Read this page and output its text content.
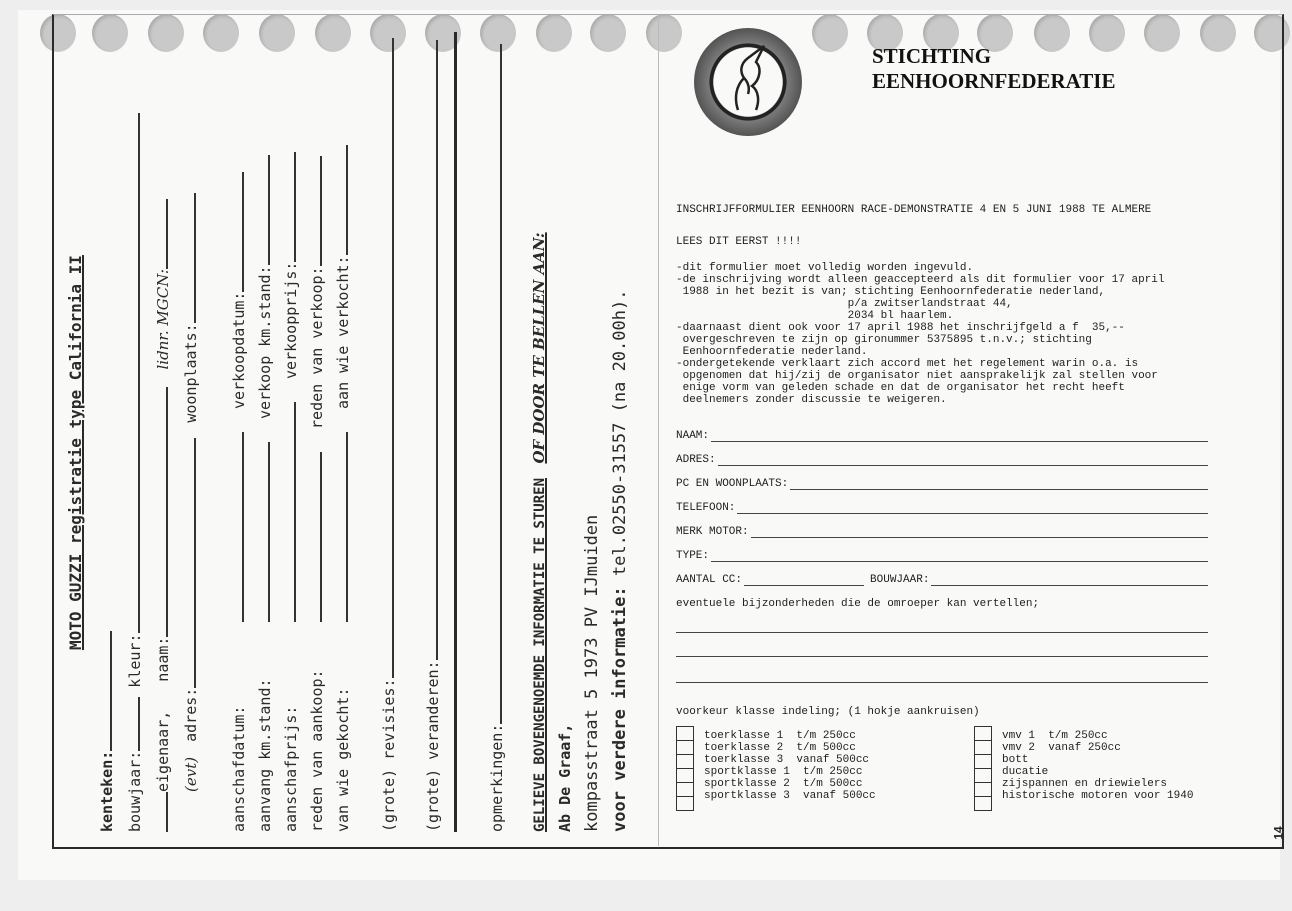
MOTO GUZZI registratie type California II
kenteken: bouwjaar: kleur:
eigenaar, naam: lidnr. MGCN:
(evt) adres: woonplaats:
aanschafdatum: verkoopdatum:
aanvang km.stand: verkoop km.stand:
aanschafprijs: verkoopprijs:
reden van aankoop: reden van verkoop:
van wie gekocht: aan wie verkocht:
(grote) revisies: (grote) veranderen:	opmerkingen: GELIEVE BOVENGENOEMDE INFORMATIE TE STUREN OF DOOR TE BELLEN AAN:
Ab De Graaf, kompasstraat 5 1973 PV IJmuiden voor verdere informatie: tel.02550-31557 (na 20.00h).
STICHTING
EENHOORNFEDERATIE
INSCHRIJFFORMULIER EENHOORN RACE-DEMONSTRATIE 4 EN 5 JUNI 1988 TE ALMERE
LEES DIT EERST !!!!
-dit formulier moet volledig worden ingevuld.
-de inschrijving wordt alleen geaccepteerd als dit formulier voor 17 april
1988 in het bezit is van; stichting Eenhoornfederatie nederland,
p/a zwitserlandstraat 44,
2034 bl haarlem.
-daarnaast dient ook voor 17 april 1988 het inschrijfgeld a f  35,--
overgeschreven te zijn op gironummer 5375895 t.n.v.; stichting
Eenhoornfederatie nederland.
-ondergetekende verklaart zich accord met het regelement warin o.a. is
opgenomen dat hij/zij de organisator niet aansprakelijk zal stellen voor
enige vorm van geleden schade en dat de organisator het recht heeft
deelnemers zonder discussie te weigeren.
NAAM:
ADRES:
PC EN WOONPLAATS:
TELEFOON:
MERK MOTOR:
TYPE:
AANTAL CC:	BOUWJAAR:
eventuele bijzonderheden die de omroeper kan vertellen;
voorkeur klasse indeling; (1 hokje aankruisen)
toerklasse 1  t/m 250cc
toerklasse 2  t/m 500cc
toerklasse 3  vanaf 500cc
sportklasse 1  t/m 250cc
sportklasse 2  t/m 500cc
sportklasse 3  vanaf 500cc
vmv 1  t/m 250cc
vmv 2  vanaf 250cc
bott
ducatie
zijspannen en driewielers
historische motoren voor 1940
14
